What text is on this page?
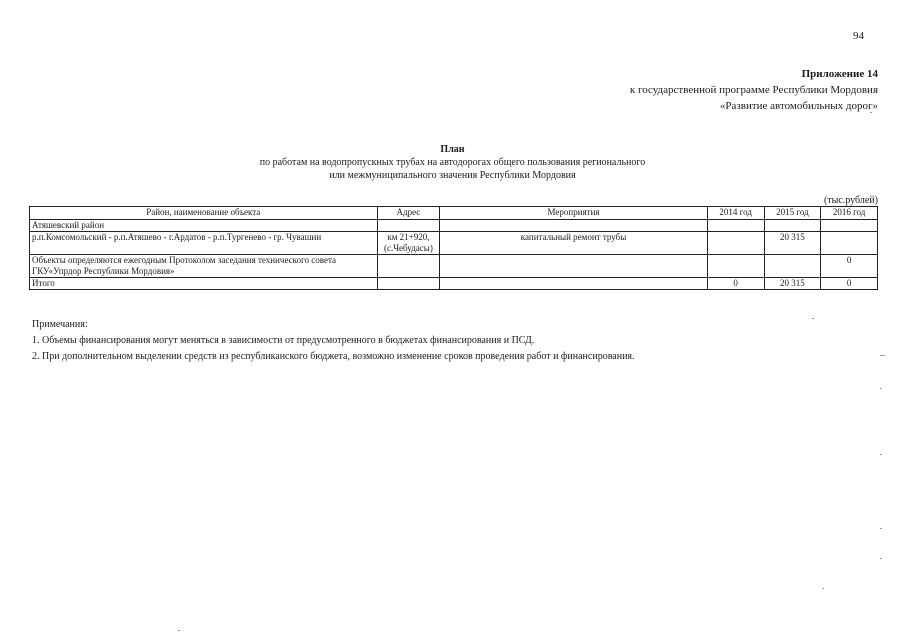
94
Приложение 14
к государственной программе Республики Мордовия
«Развитие автомобильных дорог»
План
по работам на водопропускных трубах на автодорогах общего пользования регионального
или межмуниципального значения Республики Мордовия
(тыс.рублей)
Район, наименование объекта	Адрес	Мероприятия	2014 год	2015 год	2016 год
Атяшевский район					
р.п.Комсомольский - р.п.Атяшево - г.Ардатов - р.п.Тургенево - гр. Чувашии	км 21+920, (с.Чебудасы)	капитальный ремонт трубы		20 315	
Объекты определяются ежегодным Протоколом заседания технического совета ГКУ«Упрдор Республики Мордовия»					0
Итого			0	20 315	0
Примечания:
1. Объемы финансирования могут меняться в зависимости от предусмотренного в бюджетах финансирования и ПСД.
2. При дополнительном выделении средств из республиканского бюджета, возможно изменение сроков проведения работ и финансирования.
